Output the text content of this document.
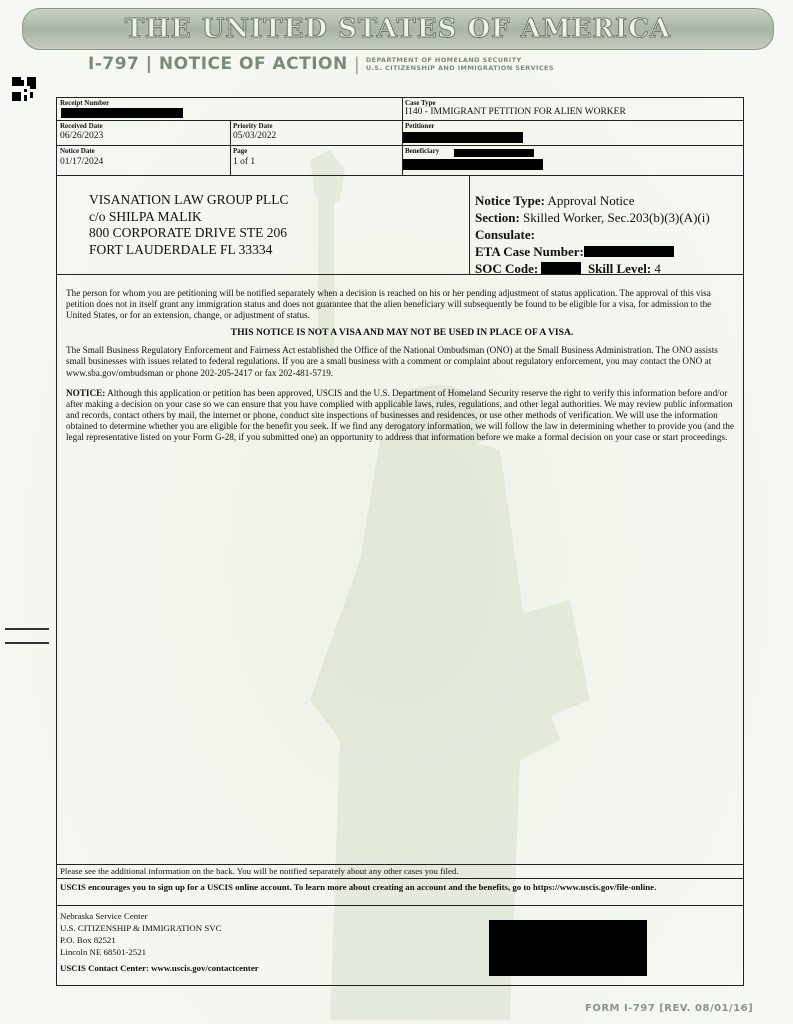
THE UNITED STATES OF AMERICA
I-797 | NOTICE OF ACTION | DEPARTMENT OF HOMELAND SECURITY
U.S. CITIZENSHIP AND IMMIGRATION SERVICES
Receipt Number	Case Type
I140 - IMMIGRANT PETITION FOR ALIEN WORKER
Received Date
06/26/2023
Priority Date
05/03/2022
Petitioner
Notice Date
01/17/2024
Page
1 of 1
Beneficiary
VISANATION LAW GROUP PLLC
c/o SHILPA MALIK
800 CORPORATE DRIVE STE 206
FORT LAUDERDALE FL 33334
Notice Type: Approval Notice
Section: Skilled Worker, Sec.203(b)(3)(A)(i)
Consulate:
ETA Case Number:
SOC Code:	Skill Level: 4

The person for whom you are petitioning will be notified separately when a decision is reached on his or her pending adjustment of status application. The approval of this visa petition does not in itself grant any immigration status and does not guarantee that the alien beneficiary will subsequently be found to be eligible for a visa, for admission to the United States, or for an extension, change, or adjustment of status.

THIS NOTICE IS NOT A VISA AND MAY NOT BE USED IN PLACE OF A VISA.

The Small Business Regulatory Enforcement and Fairness Act established the Office of the National Ombudsman (ONO) at the Small Business Administration. The ONO assists small businesses with issues related to federal regulations. If you are a small business with a comment or complaint about regulatory enforcement, you may contact the ONO at www.sba.gov/ombudsman or phone 202-205-2417 or fax 202-481-5719.

NOTICE: Although this application or petition has been approved, USCIS and the U.S. Department of Homeland Security reserve the right to verify this information before and/or after making a decision on your case so we can ensure that you have complied with applicable laws, rules, regulations, and other legal authorities. We may review public information and records, contact others by mail, the internet or phone, conduct site inspections of businesses and residences, or use other methods of verification. We will use the information obtained to determine whether you are eligible for the benefit you seek. If we find any derogatory information, we will follow the law in determining whether to provide you (and the legal representative listed on your Form G-28, if you submitted one) an opportunity to address that information before we make a formal decision on your case or start proceedings.

Please see the additional information on the back. You will be notified separately about any other cases you filed.
USCIS encourages you to sign up for a USCIS online account. To learn more about creating an account and the benefits, go to https://www.uscis.gov/file-online.
Nebraska Service Center
U.S. CITIZENSHIP & IMMIGRATION SVC
P.O. Box 82521
Lincoln NE 68501-2521
USCIS Contact Center: www.uscis.gov/contactcenter
FORM I-797 [REV. 08/01/16]
